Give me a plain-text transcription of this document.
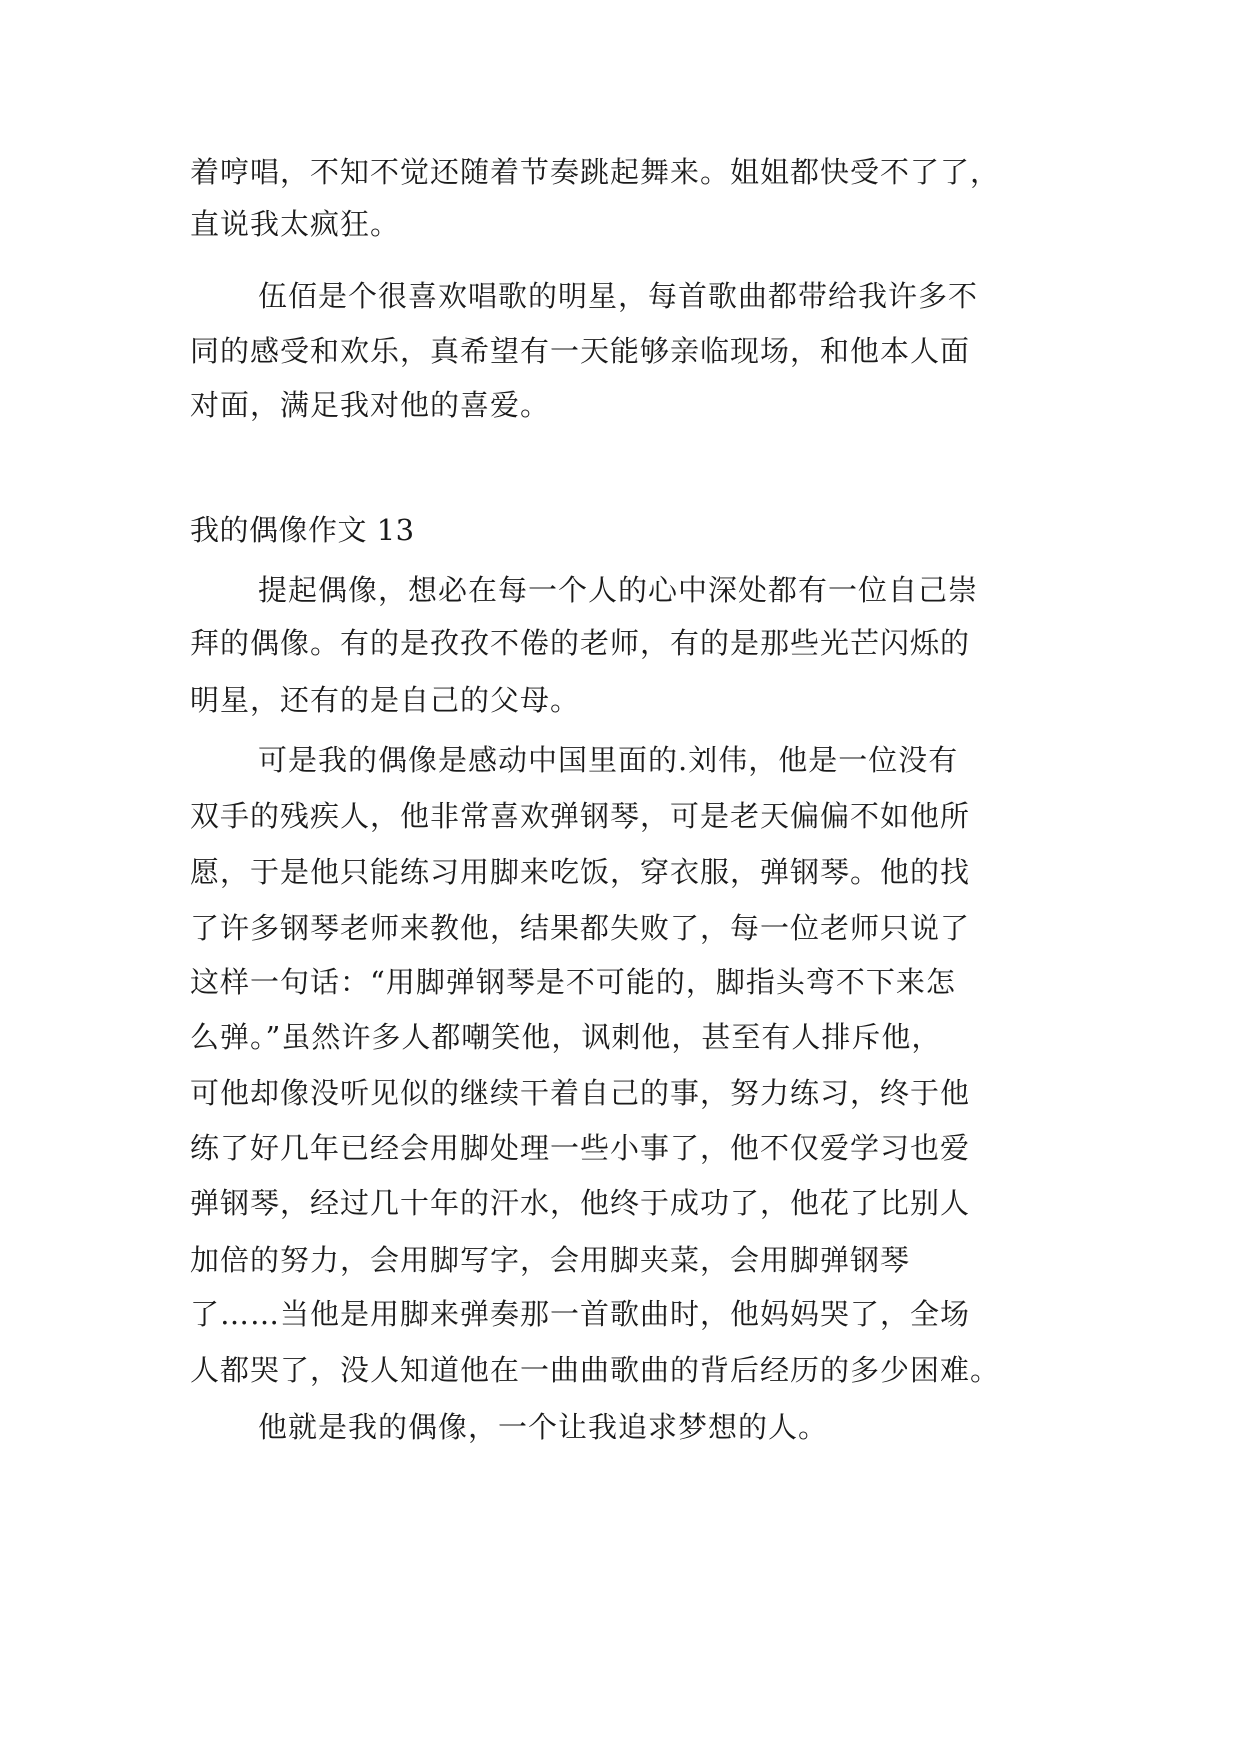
着哼唱，不知不觉还随着节奏跳起舞来。姐姐都快受不了了，
直说我太疯狂。
伍佰是个很喜欢唱歌的明星，每首歌曲都带给我许多不
同的感受和欢乐，真希望有一天能够亲临现场，和他本人面
对面，满足我对他的喜爱。
我的偶像作文 13
提起偶像，想必在每一个人的心中深处都有一位自己崇
拜的偶像。有的是孜孜不倦的老师，有的是那些光芒闪烁的
明星，还有的是自己的父母。
可是我的偶像是感动中国里面的.刘伟，他是一位没有
双手的残疾人，他非常喜欢弹钢琴，可是老天偏偏不如他所
愿，于是他只能练习用脚来吃饭，穿衣服，弹钢琴。他的找
了许多钢琴老师来教他，结果都失败了，每一位老师只说了
这样一句话：“用脚弹钢琴是不可能的，脚指头弯不下来怎
么弹。”虽然许多人都嘲笑他，讽刺他，甚至有人排斥他，
可他却像没听见似的继续干着自己的事，努力练习，终于他
练了好几年已经会用脚处理一些小事了，他不仅爱学习也爱
弹钢琴，经过几十年的汗水，他终于成功了，他花了比别人
加倍的努力，会用脚写字，会用脚夹菜，会用脚弹钢琴
了……当他是用脚来弹奏那一首歌曲时，他妈妈哭了，全场
人都哭了，没人知道他在一曲曲歌曲的背后经历的多少困难。
他就是我的偶像，一个让我追求梦想的人。
